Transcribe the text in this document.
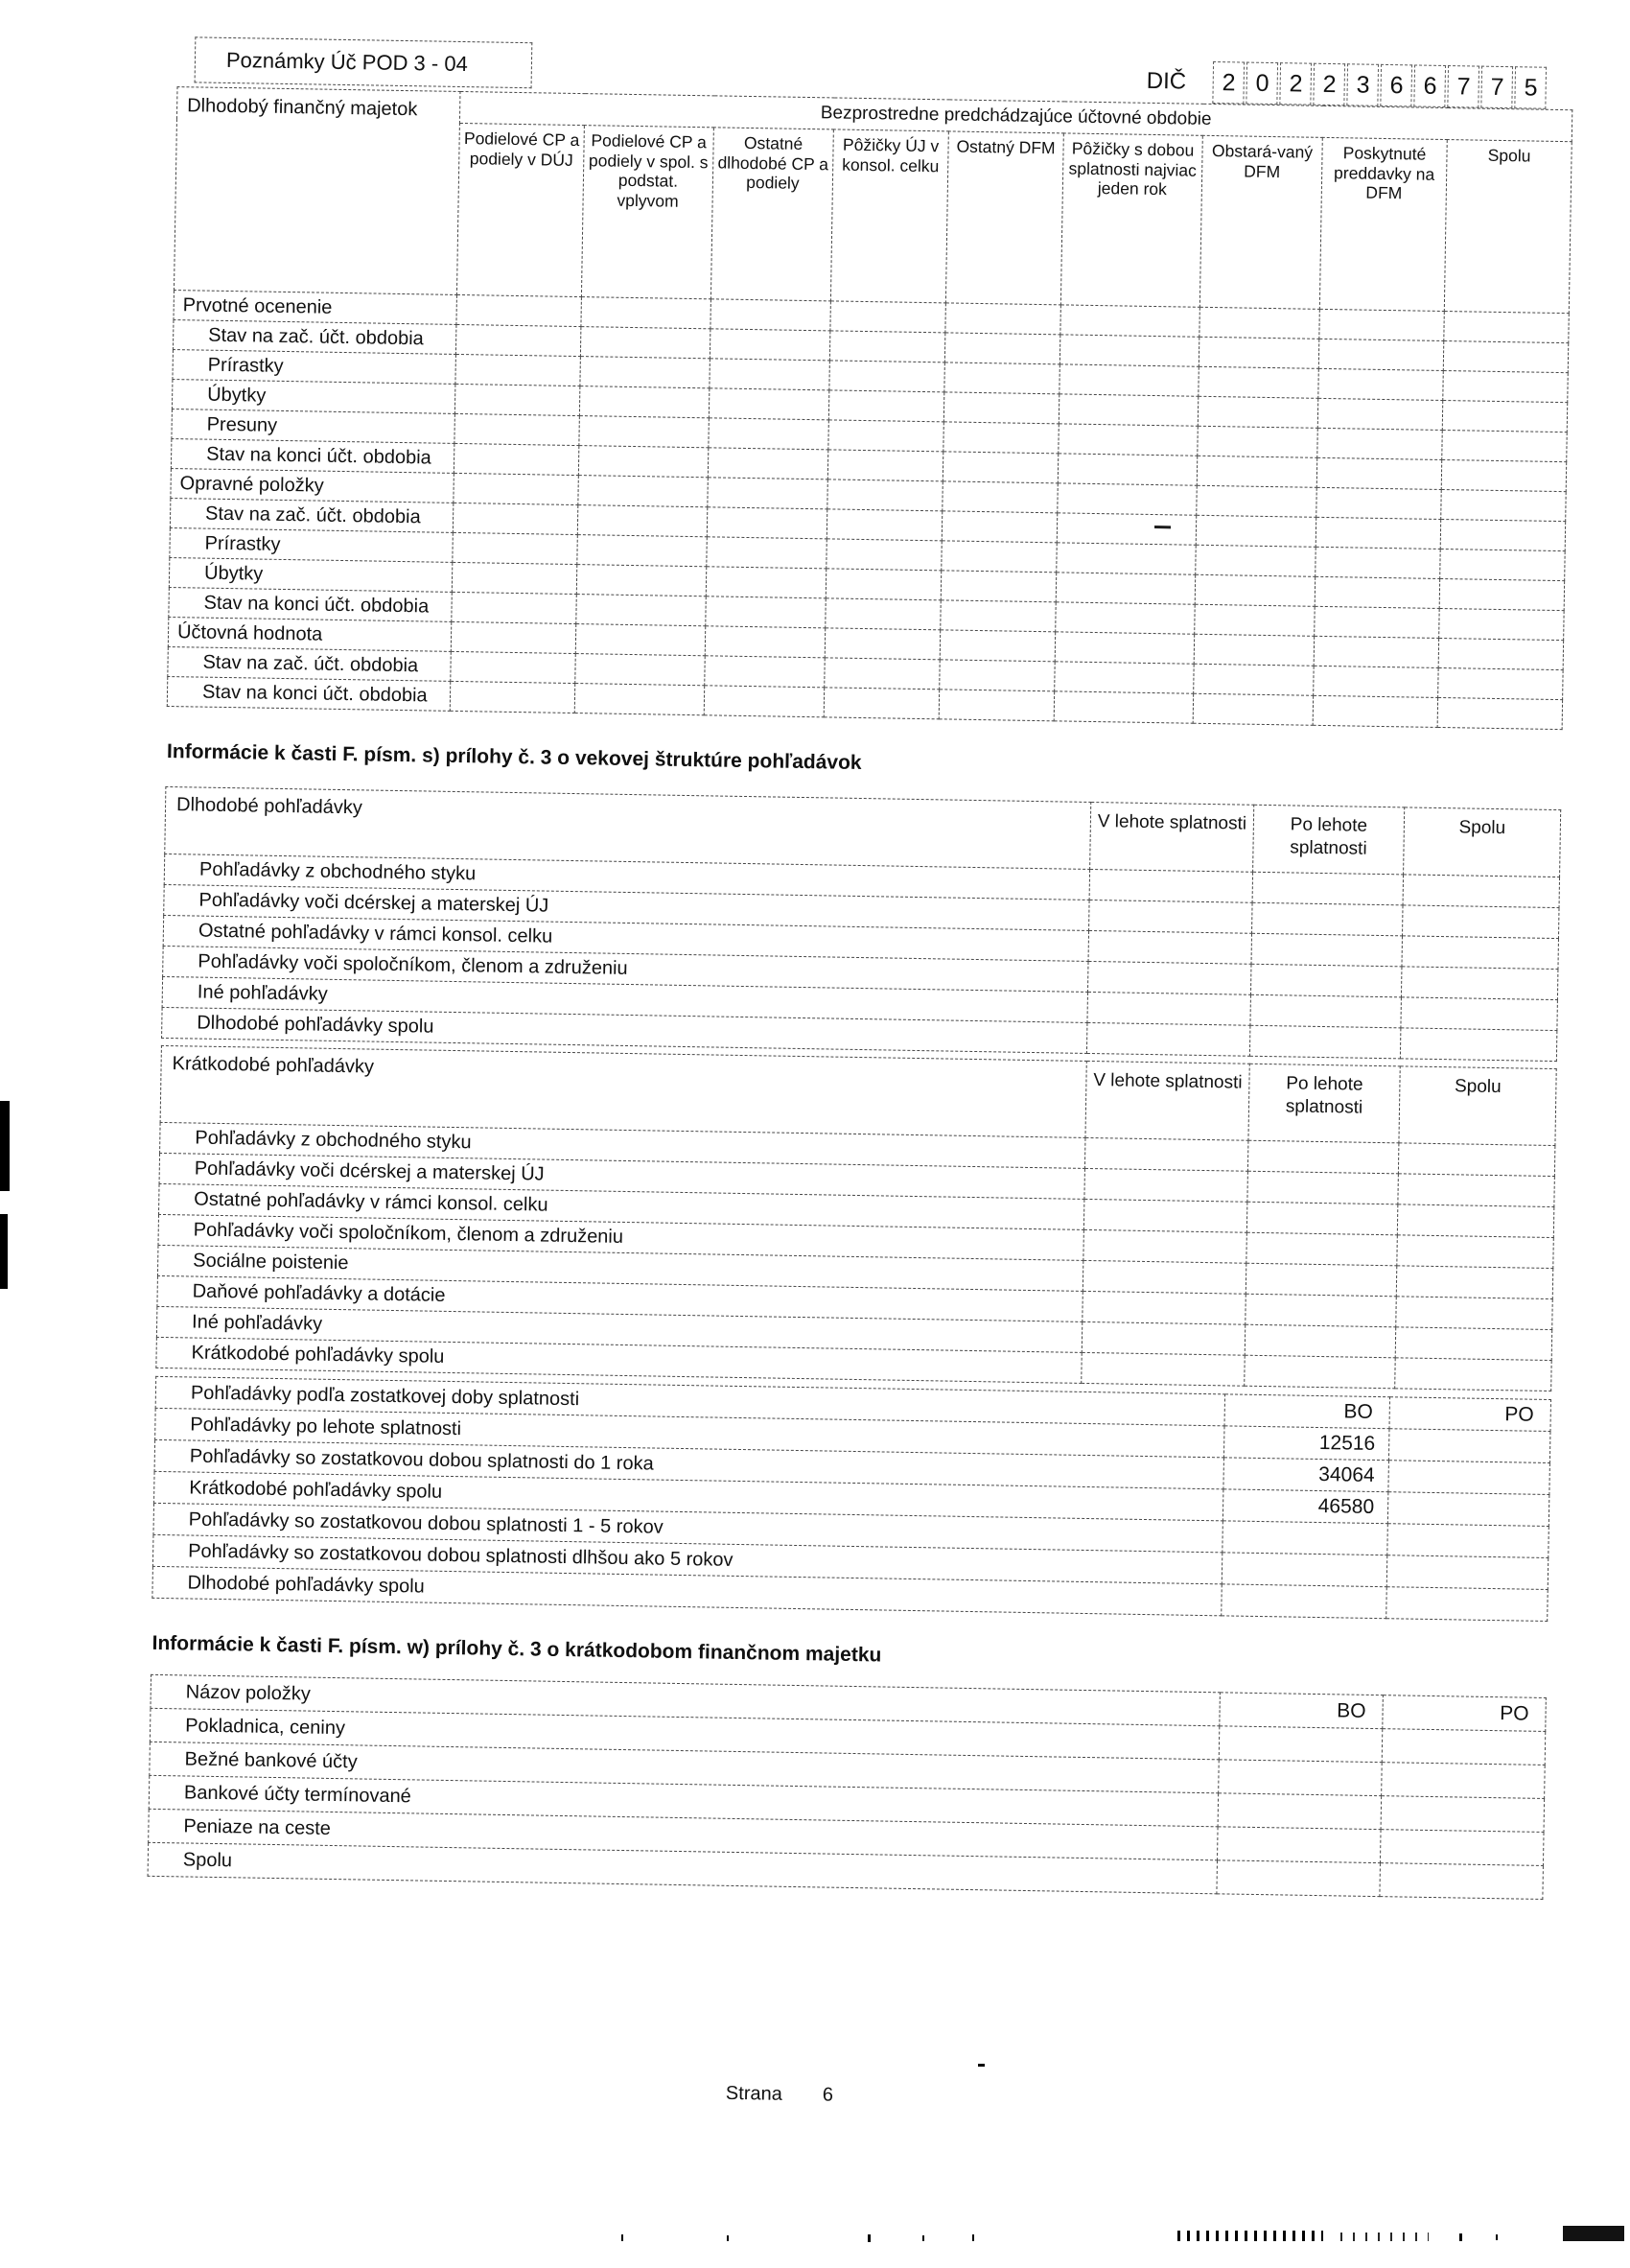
Poznámky Úč POD 3 - 04
DIČ	2 0 2 2 3 6 6 7 7 5
Dlhodobý finančný majetok	Bezprostredne predchádzajúce účtovné obdobie								
	Podielové CP a podiely v DÚJ	Podielové CP a podiely v spol. s podstat. vplyvom	Ostatné dlhodobé CP a podiely	Pôžičky ÚJ v konsol. celku	Ostatný DFM	Pôžičky s dobou splatnosti najviac jeden rok	Obstará-vaný DFM	Poskytnuté preddavky na DFM	Spolu
Prvotné ocenenie									
Stav na zač. účt. obdobia									
Prírastky									
Úbytky									
Presuny									
Stav na konci účt. obdobia									
Opravné položky									
Stav na zač. účt. obdobia									
Prírastky									
Úbytky									
Stav na konci účt. obdobia									
Účtovná hodnota									
Stav na zač. účt. obdobia									
Stav na konci účt. obdobia									
Informácie k časti F. písm. s) prílohy č. 3 o vekovej štruktúre pohľadávok
Dlhodobé pohľadávky	V lehote splatnosti	Po lehote splatnosti	Spolu
Pohľadávky z obchodného styku			
Pohľadávky voči dcérskej a materskej ÚJ			
Ostatné pohľadávky v rámci konsol. celku			
Pohľadávky voči spoločníkom, členom a združeniu			
Iné pohľadávky			
Dlhodobé pohľadávky spolu			
Krátkodobé pohľadávky	V lehote splatnosti	Po lehote splatnosti	Spolu
Pohľadávky z obchodného styku			
Pohľadávky voči dcérskej a materskej ÚJ			
Ostatné pohľadávky v rámci konsol. celku			
Pohľadávky voči spoločníkom, členom a združeniu			
Sociálne poistenie			
Daňové pohľadávky a dotácie			
Iné pohľadávky			
Krátkodobé pohľadávky spolu			
Pohľadávky podľa zostatkovej doby splatnosti	BO	PO
Pohľadávky po lehote splatnosti	12516	
Pohľadávky so zostatkovou dobou splatnosti do 1 roka	34064	
Krátkodobé pohľadávky spolu	46580	
Pohľadávky so zostatkovou dobou splatnosti 1 - 5 rokov		
Pohľadávky so zostatkovou dobou splatnosti dlhšou ako 5 rokov		
Dlhodobé pohľadávky spolu		
Informácie k časti F. písm. w) prílohy č. 3 o krátkodobom finančnom majetku
Názov položky	BO	PO
Pokladnica, ceniny		
Bežné bankové účty		
Bankové účty termínované		
Peniaze na ceste		
Spolu		
Strana 6
